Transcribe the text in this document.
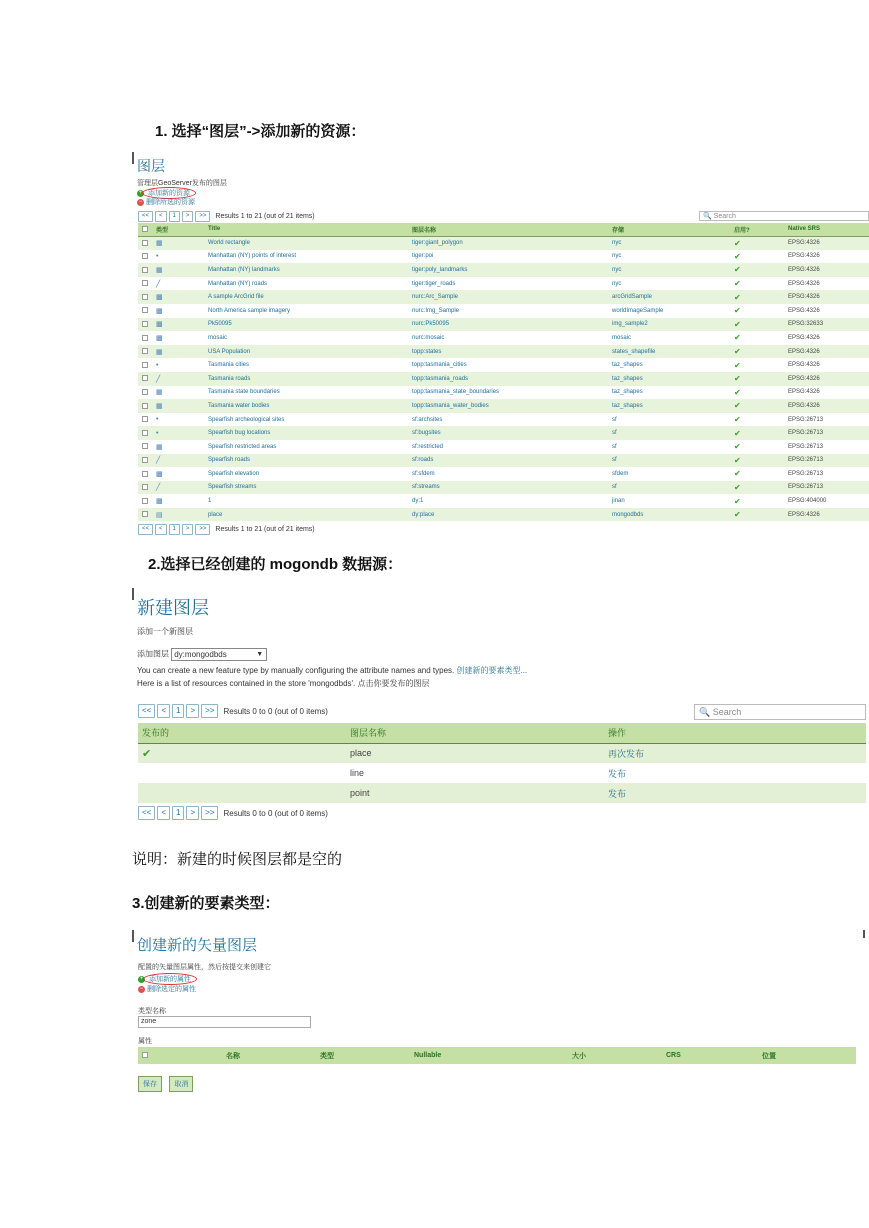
1. 选择“图层”->添加新的资源：
图层
管理层GeoServer发布的图层
+ 添加新的资源
− 删除所选的资源
<<	<	1	>	>>	Results 1 to 21 (out of 21 items)	🔍 Search
	类型	Title	图层名称	存储	启用?	Native SRS
	▦	World rectangle	tiger:giant_polygon	nyc	✔	EPSG:4326
	•	Manhattan (NY) points of interest	tiger:poi	nyc	✔	EPSG:4326
	▦	Manhattan (NY) landmarks	tiger:poly_landmarks	nyc	✔	EPSG:4326
	╱	Manhattan (NY) roads	tiger:tiger_roads	nyc	✔	EPSG:4326
	▩	A sample ArcGrid file	nurc:Arc_Sample	arcGridSample	✔	EPSG:4326
	▩	North America sample imagery	nurc:Img_Sample	worldImageSample	✔	EPSG:4326
	▩	Pk50095	nurc:Pk50095	img_sample2	✔	EPSG:32633
	▩	mosaic	nurc:mosaic	mosaic	✔	EPSG:4326
	▦	USA Population	topp:states	states_shapefile	✔	EPSG:4326
	•	Tasmania cities	topp:tasmania_cities	taz_shapes	✔	EPSG:4326
	╱	Tasmania roads	topp:tasmania_roads	taz_shapes	✔	EPSG:4326
	▦	Tasmania state boundaries	topp:tasmania_state_boundaries	taz_shapes	✔	EPSG:4326
	▦	Tasmania water bodies	topp:tasmania_water_bodies	taz_shapes	✔	EPSG:4326
	•	Spearfish archeological sites	sf:archsites	sf	✔	EPSG:26713
	•	Spearfish bug locations	sf:bugsites	sf	✔	EPSG:26713
	▦	Spearfish restricted areas	sf:restricted	sf	✔	EPSG:26713
	╱	Spearfish roads	sf:roads	sf	✔	EPSG:26713
	▩	Spearfish elevation	sf:sfdem	sfdem	✔	EPSG:26713
	╱	Spearfish streams	sf:streams	sf	✔	EPSG:26713
	▩	1	dy:1	jinan	✔	EPSG:404000
	▤	place	dy:place	mongodbds	✔	EPSG:4326
<<	<	1	>	>>	Results 1 to 21 (out of 21 items)
2.选择已经创建的 mogondb 数据源：
新建图层
添加一个新图层
添加图层 dy:mongodbds	▼
You can create a new feature type by manually configuring the attribute names and types. 创建新的要素类型...
Here is a list of resources contained in the store 'mongodbds'. 点击你要发布的图层
<<	<	1	>	>>	Results 0 to 0 (out of 0 items)	🔍 Search
发布的	图层名称	操作
✔	place	再次发布
	line	发布
	point	发布
<<	<	1	>	>>	Results 0 to 0 (out of 0 items)
说明：新建的时候图层都是空的
3.创建新的要素类型：
创建新的矢量图层
配置的矢量图层属性，然后按提交来创建它
+ 添加新的属性
− 删除选定的属性
类型名称
zone
属性
	名称	类型	Nullable	大小	CRS	位置
保存 取消
